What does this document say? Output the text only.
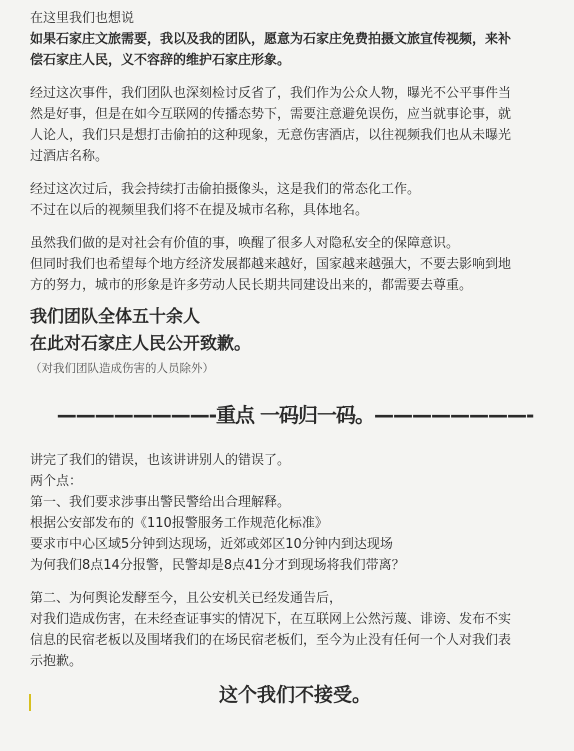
在这里我们也想说
如果石家庄文旅需要，我以及我的团队，愿意为石家庄免费拍摄文旅宣传视频，来补
偿石家庄人民，义不容辞的维护石家庄形象。
经过这次事件，我们团队也深刻检讨反省了，我们作为公众人物，曝光不公平事件当
然是好事，但是在如今互联网的传播态势下，需要注意避免误伤，应当就事论事，就
人论人，我们只是想打击偷拍的这种现象，无意伤害酒店，以往视频我们也从未曝光
过酒店名称。
经过这次过后，我会持续打击偷拍摄像头，这是我们的常态化工作。
不过在以后的视频里我们将不在提及城市名称，具体地名。
虽然我们做的是对社会有价值的事，唤醒了很多人对隐私安全的保障意识。
但同时我们也希望每个地方经济发展都越来越好，国家越来越强大，不要去影响到地
方的努力，城市的形象是许多劳动人民长期共同建设出来的，都需要去尊重。
我们团队全体五十余人
在此对石家庄人民公开致歉。
（对我们团队造成伤害的人员除外）
————————-重点 一码归一码。————————-
讲完了我们的错误，也该讲讲别人的错误了。
两个点：
第一、我们要求涉事出警民警给出合理解释。
根据公安部发布的《110报警服务工作规范化标准》
要求市中心区域5分钟到达现场，近郊或郊区10分钟内到达现场
为何我们8点14分报警，民警却是8点41分才到现场将我们带离？
第二、为何舆论发酵至今，且公安机关已经发通告后，
对我们造成伤害，在未经查证事实的情况下，在互联网上公然污蔑、诽谤、发布不实
信息的民宿老板以及围堵我们的在场民宿老板们，至今为止没有任何一个人对我们表
示抱歉。
这个我们不接受。
